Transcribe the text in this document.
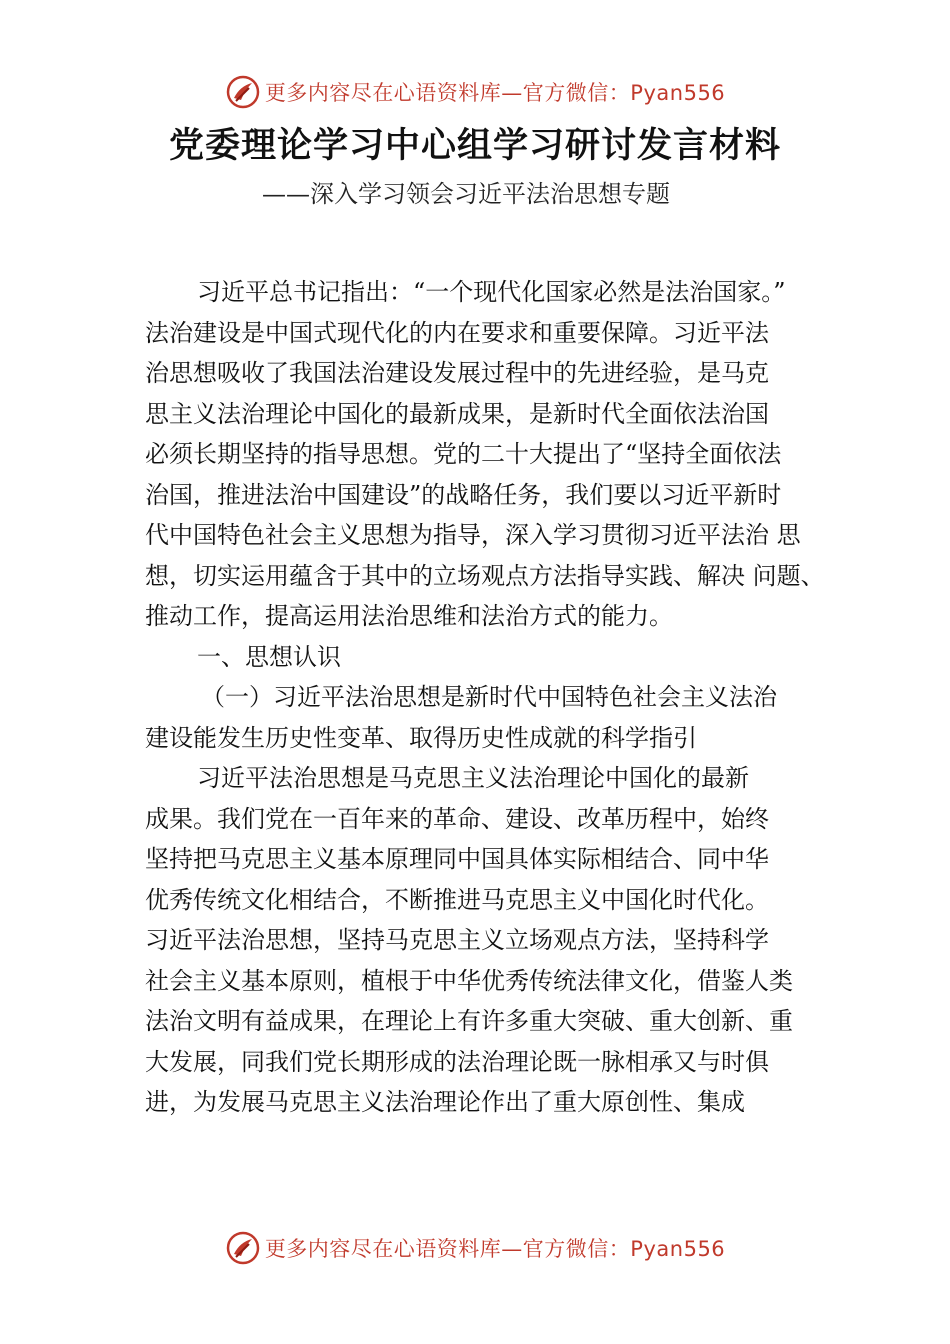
更多内容尽在心语资料库—官方微信：Pyan556
党委理论学习中心组学习研讨发言材料
——深入学习领会习近平法治思想专题
习近平总书记指出：“一个现代化国家必然是法治国家。”
法治建设是中国式现代化的内在要求和重要保障。习近平法
治思想吸收了我国法治建设发展过程中的先进经验，是马克
思主义法治理论中国化的最新成果，是新时代全面依法治国
必须长期坚持的指导思想。党的二十大提出了“坚持全面依法
治国，推进法治中国建设”的战略任务，我们要以习近平新时
代中国特色社会主义思想为指导，深入学习贯彻习近平法治 思
想，切实运用蕴含于其中的立场观点方法指导实践、解决 问题、
推动工作，提高运用法治思维和法治方式的能力。
一、思想认识
（一）习近平法治思想是新时代中国特色社会主义法治
建设能发生历史性变革、取得历史性成就的科学指引
习近平法治思想是马克思主义法治理论中国化的最新
成果。我们党在一百年来的革命、建设、改革历程中，始终
坚持把马克思主义基本原理同中国具体实际相结合、同中华
优秀传统文化相结合，不断推进马克思主义中国化时代化。
习近平法治思想，坚持马克思主义立场观点方法，坚持科学
社会主义基本原则，植根于中华优秀传统法律文化，借鉴人类
法治文明有益成果，在理论上有许多重大突破、重大创新、重
大发展，同我们党长期形成的法治理论既一脉相承又与时俱
进，为发展马克思主义法治理论作出了重大原创性、集成
更多内容尽在心语资料库—官方微信：Pyan556
